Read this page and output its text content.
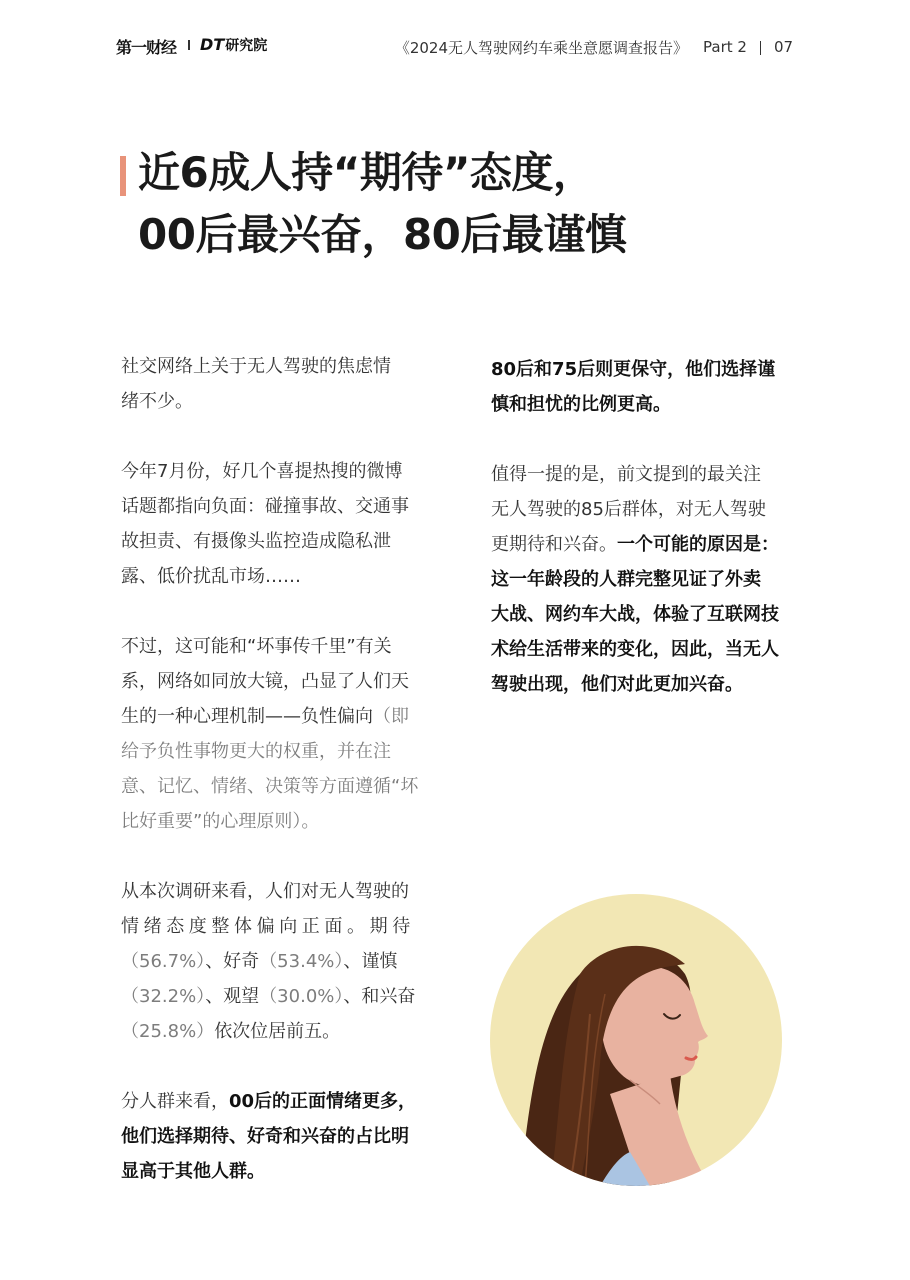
第一财经 DT研究院	《2024无人驾驶网约车乘坐意愿调查报告》 Part 2 07
近6成人持“期待”态度，
00后最兴奋，80后最谨慎

社交网络上关于无人驾驶的焦虑情
绪不少。

今年7月份，好几个喜提热搜的微博
话题都指向负面：碰撞事故、交通事
故担责、有摄像头监控造成隐私泄
露、低价扰乱市场……

不过，这可能和“坏事传千里”有关
系，网络如同放大镜，凸显了人们天
生的一种心理机制——负性偏向（即
给予负性事物更大的权重，并在注
意、记忆、情绪、决策等方面遵循“坏
比好重要”的心理原则）。

从本次调研来看，人们对无人驾驶的
情绪态度整体偏向正面。期待
（56.7%）、好奇（53.4%）、谨慎
（32.2%）、观望（30.0%）、和兴奋
（25.8%）依次位居前五。

分人群来看，00后的正面情绪更多，
他们选择期待、好奇和兴奋的占比明
显高于其他人群。

80后和75后则更保守，他们选择谨
慎和担忧的比例更高。

值得一提的是，前文提到的最关注
无人驾驶的85后群体，对无人驾驶
更期待和兴奋。一个可能的原因是：
这一年龄段的人群完整见证了外卖
大战、网约车大战，体验了互联网技
术给生活带来的变化，因此，当无人
驾驶出现，他们对此更加兴奋。
